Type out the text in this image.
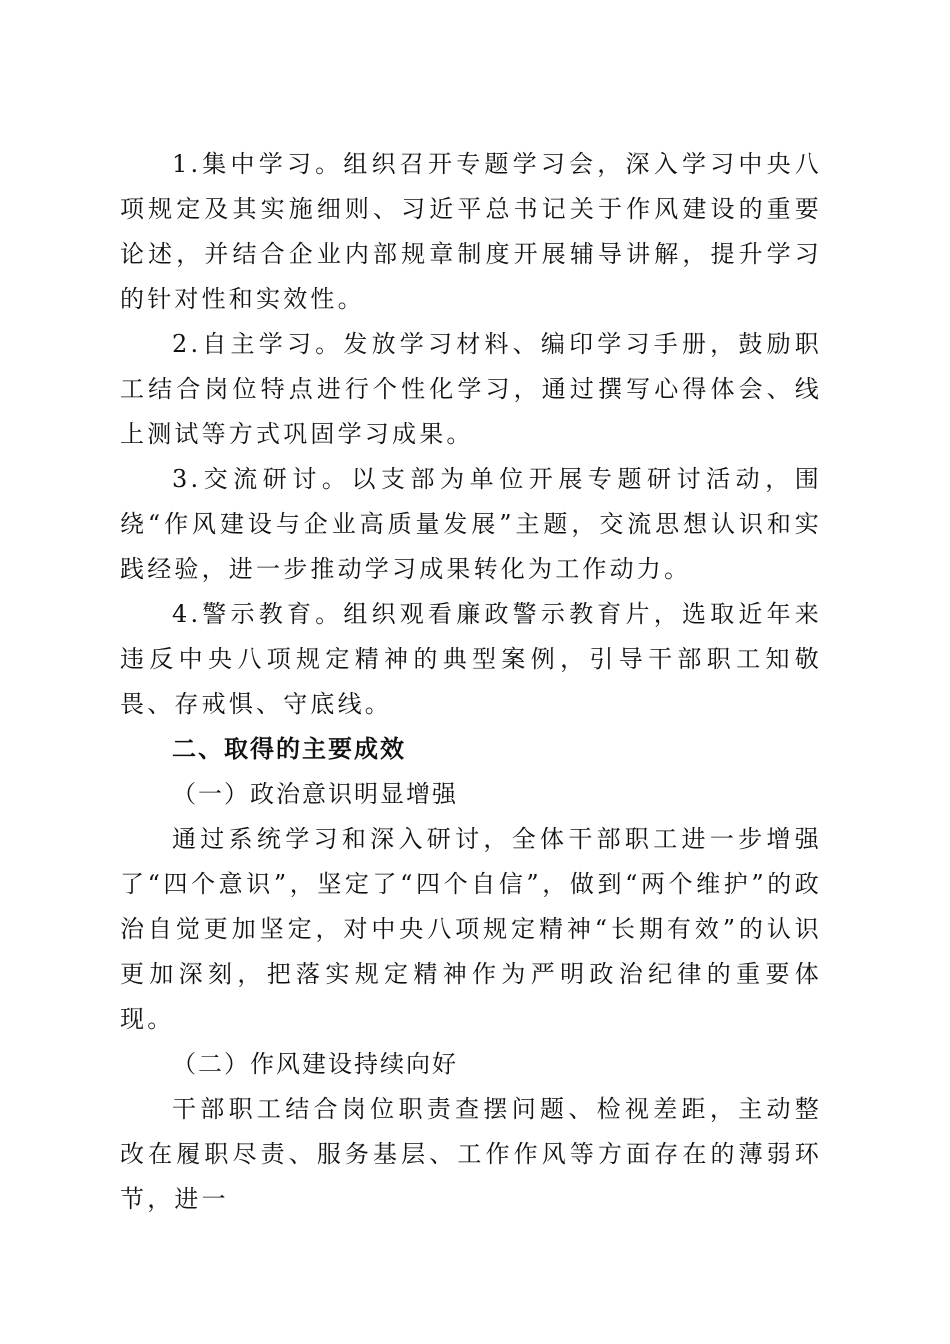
1.集中学习。组织召开专题学习会，深入学习中央八项规定及其实施细则、习近平总书记关于作风建设的重要论述，并结合企业内部规章制度开展辅导讲解，提升学习的针对性和实效性。

2.自主学习。发放学习材料、编印学习手册，鼓励职工结合岗位特点进行个性化学习，通过撰写心得体会、线上测试等方式巩固学习成果。

3.交流研讨。以支部为单位开展专题研讨活动，围绕“作风建设与企业高质量发展”主题，交流思想认识和实践经验，进一步推动学习成果转化为工作动力。

4.警示教育。组织观看廉政警示教育片，选取近年来违反中央八项规定精神的典型案例，引导干部职工知敬畏、存戒惧、守底线。

二、取得的主要成效

（一）政治意识明显增强

通过系统学习和深入研讨，全体干部职工进一步增强了“四个意识”，坚定了“四个自信”，做到“两个维护”的政治自觉更加坚定，对中央八项规定精神“长期有效”的认识更加深刻，把落实规定精神作为严明政治纪律的重要体现。

（二）作风建设持续向好

干部职工结合岗位职责查摆问题、检视差距，主动整改在履职尽责、服务基层、工作作风等方面存在的薄弱环节，进一
